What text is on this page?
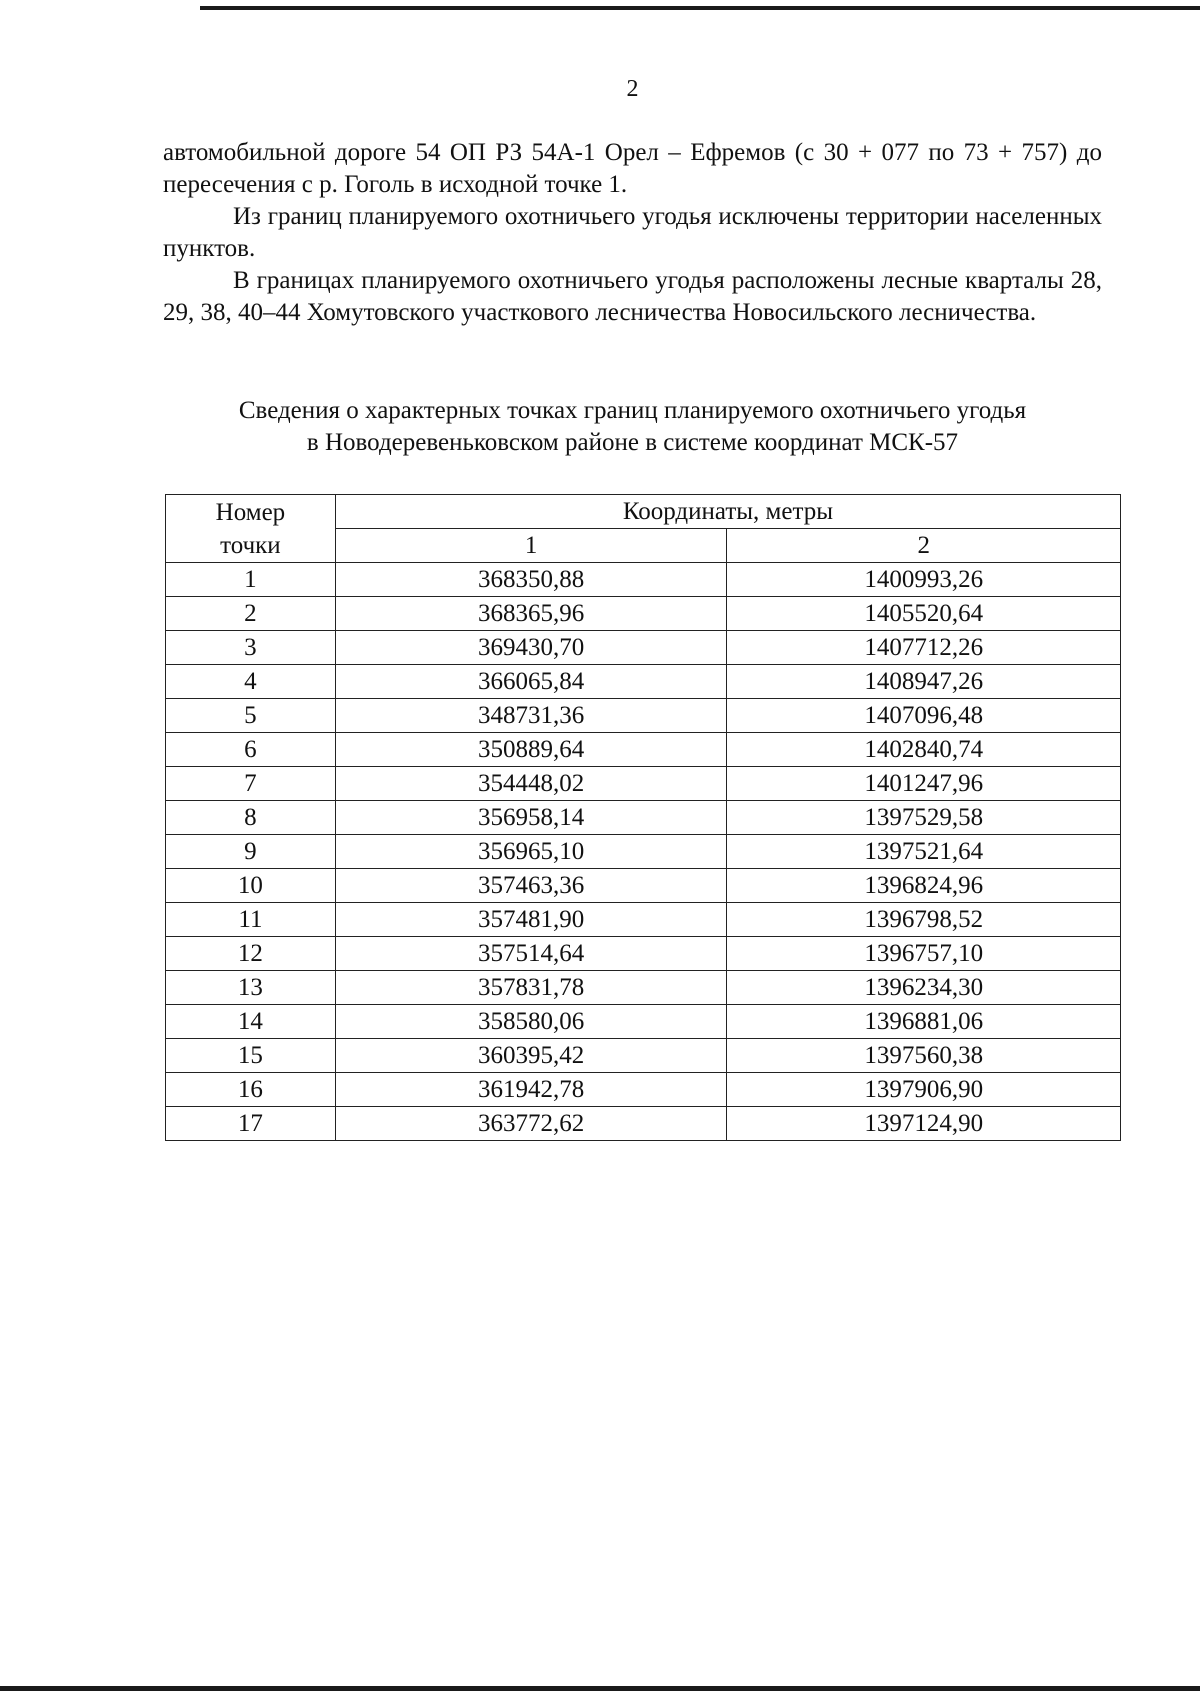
2

автомобильной дороге 54 ОП РЗ 54А-1 Орел – Ефремов (с 30 + 077 по 73 + 757) до пересечения с р. Гоголь в исходной точке 1.

Из границ планируемого охотничьего угодья исключены территории населенных пунктов.

В границах планируемого охотничьего угодья расположены лесные кварталы 28, 29, 38, 40–44 Хомутовского участкового лесничества Новосильского лесничества.

Сведения о характерных точках границ планируемого охотничьего угодья
в Новодеревеньковском районе в системе координат МСК-57
Номер
точки	Координаты, метры	
	1	2
1	368350,88	1400993,26
2	368365,96	1405520,64
3	369430,70	1407712,26
4	366065,84	1408947,26
5	348731,36	1407096,48
6	350889,64	1402840,74
7	354448,02	1401247,96
8	356958,14	1397529,58
9	356965,10	1397521,64
10	357463,36	1396824,96
11	357481,90	1396798,52
12	357514,64	1396757,10
13	357831,78	1396234,30
14	358580,06	1396881,06
15	360395,42	1397560,38
16	361942,78	1397906,90
17	363772,62	1397124,90
